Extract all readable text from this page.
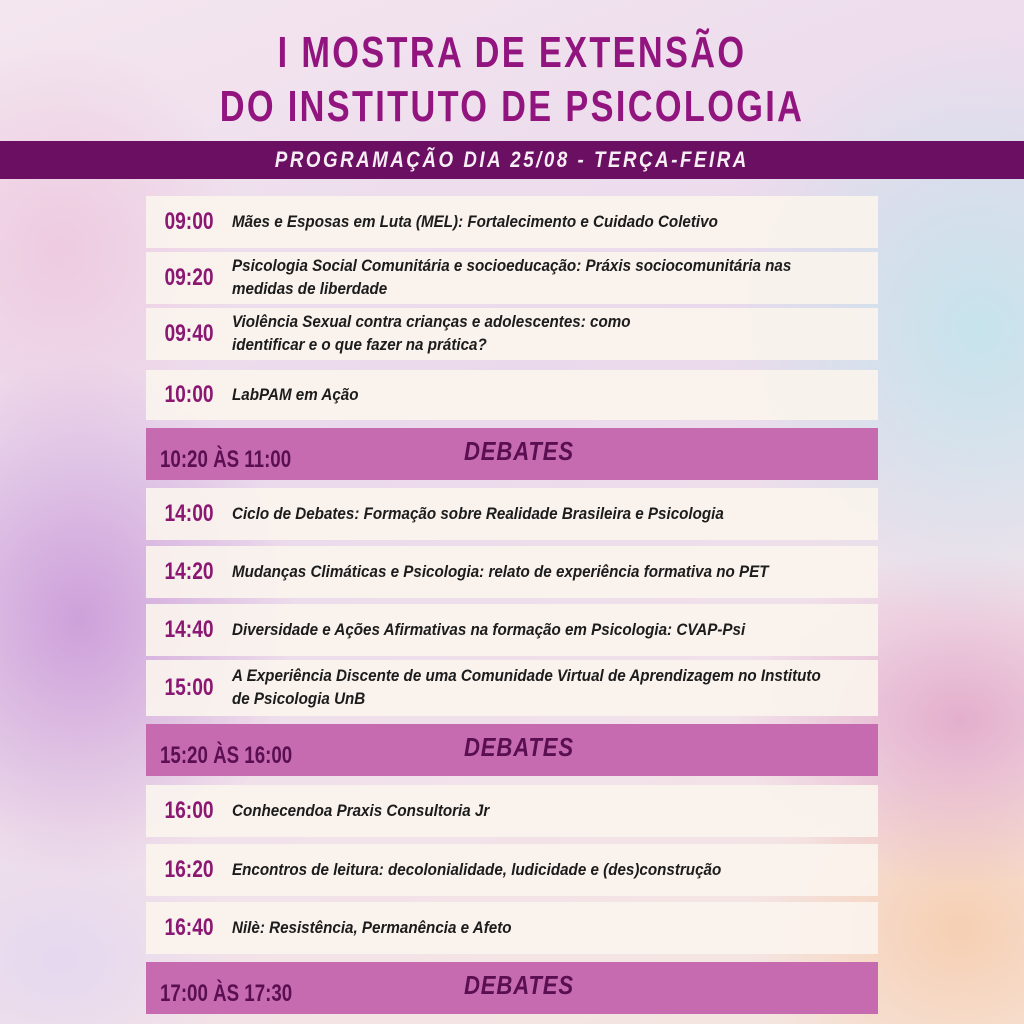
I MOSTRA DE EXTENSÃO
DO INSTITUTO DE PSICOLOGIA
PROGRAMAÇÃO DIA 25/08 - TERÇA-FEIRA
09:00	Mães e Esposas em Luta (MEL): Fortalecimento e Cuidado Coletivo
09:20	Psicologia Social Comunitária e socioeducação: Práxis sociocomunitária nas medidas de liberdade
09:40	Violência Sexual contra crianças e adolescentes: como identificar e o que fazer na prática?
10:00	LabPAM em Ação
10:20 ÀS 11:00	DEBATES
14:00	Ciclo de Debates: Formação sobre Realidade Brasileira e Psicologia
14:20	Mudanças Climáticas e Psicologia: relato de experiência formativa no PET
14:40	Diversidade e Ações Afirmativas na formação em Psicologia: CVAP-Psi
15:00	A Experiência Discente de uma Comunidade Virtual de Aprendizagem no Instituto de Psicologia UnB
15:20 ÀS 16:00	DEBATES
16:00	Conhecendoa Praxis Consultoria Jr
16:20	Encontros de leitura: decolonialidade, ludicidade e (des)construção
16:40	Nilè: Resistência, Permanência e Afeto
17:00 ÀS 17:30	DEBATES
